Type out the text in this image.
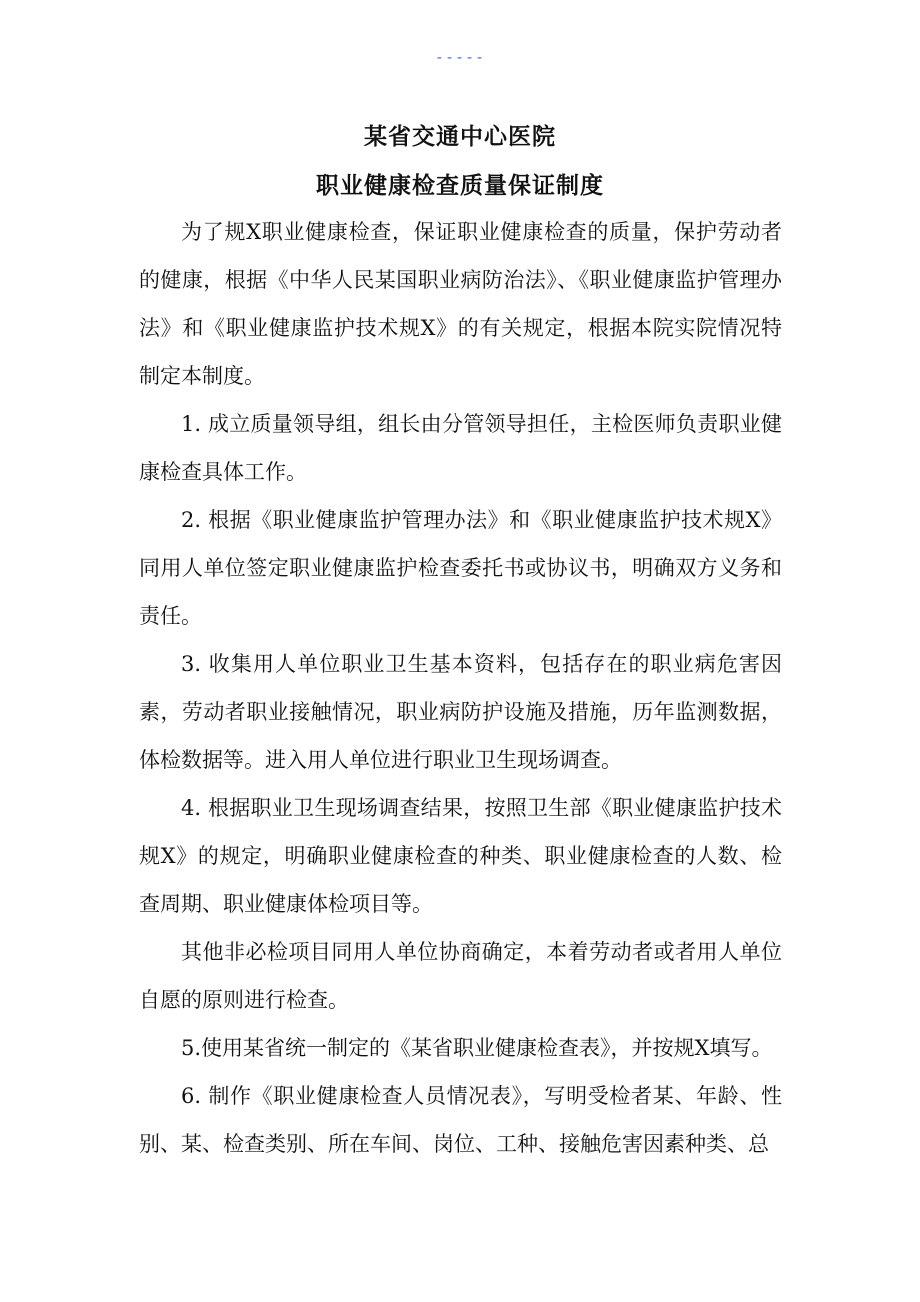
-----
某省交通中心医院
职业健康检查质量保证制度

为了规X职业健康检查，保证职业健康检查的质量，保护劳动者的健康，根据《中华人民某国职业病防治法》、《职业健康监护管理办法》和《职业健康监护技术规X》的有关规定，根据本院实院情况特制定本制度。

1. 成立质量领导组，组长由分管领导担任，主检医师负责职业健康检查具体工作。

2. 根据《职业健康监护管理办法》和《职业健康监护技术规X》同用人单位签定职业健康监护检查委托书或协议书，明确双方义务和责任。

3. 收集用人单位职业卫生基本资料，包括存在的职业病危害因素，劳动者职业接触情况，职业病防护设施及措施，历年监测数据，体检数据等。进入用人单位进行职业卫生现场调查。

4. 根据职业卫生现场调查结果，按照卫生部《职业健康监护技术规X》的规定，明确职业健康检查的种类、职业健康检查的人数、检查周期、职业健康体检项目等。

其他非必检项目同用人单位协商确定，本着劳动者或者用人单位自愿的原则进行检查。

5.使用某省统一制定的《某省职业健康检查表》，并按规X填写。

6. 制作《职业健康检查人员情况表》，写明受检者某、年龄、性别、某、检查类别、所在车间、岗位、工种、接触危害因素种类、总
